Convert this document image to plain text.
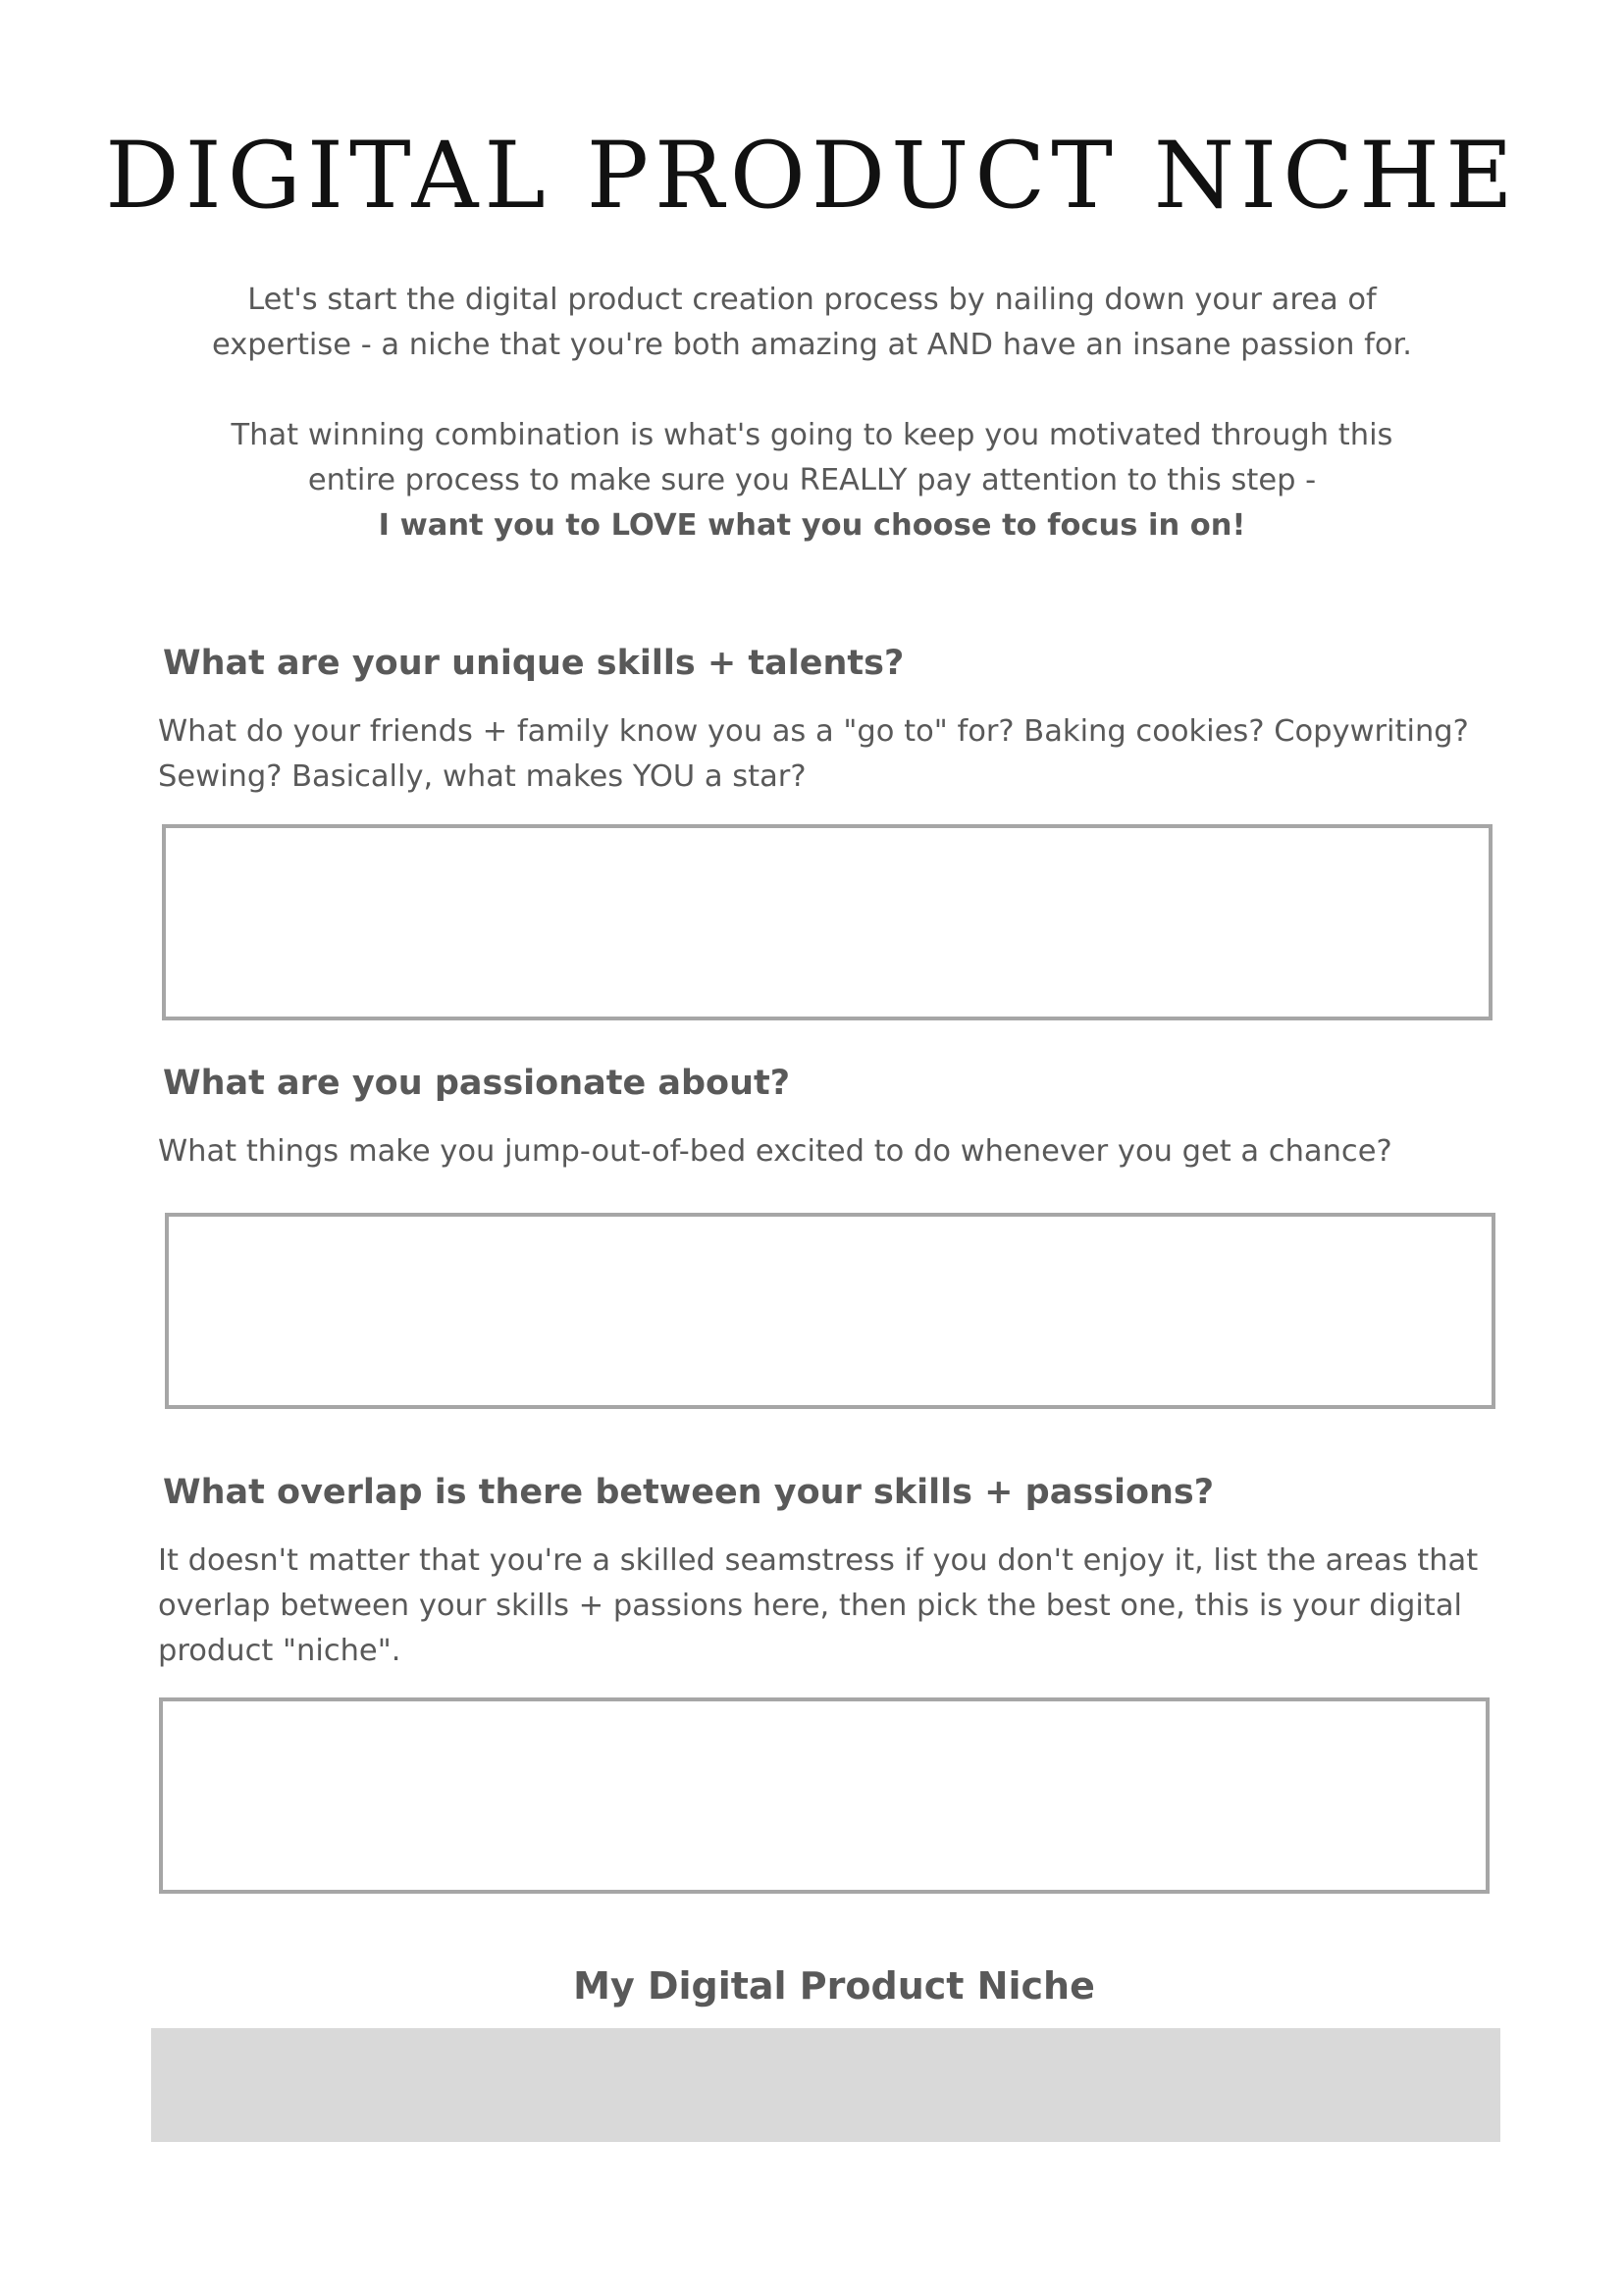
DIGITAL PRODUCT NICHE

Let's start the digital product creation process by nailing down your area of

expertise - a niche that you're both amazing at AND have an insane passion for.

That winning combination is what's going to keep you motivated through this

entire process to make sure you REALLY pay attention to this step -

I want you to LOVE what you choose to focus in on!

What are your unique skills + talents?

What do your friends + family know you as a "go to" for? Baking cookies? Copywriting? Sewing? Basically, what makes YOU a star?

What are you passionate about?

What things make you jump-out-of-bed excited to do whenever you get a chance?

What overlap is there between your skills + passions?

It doesn't matter that you're a skilled seamstress if you don't enjoy it, list the areas that overlap between your skills + passions here, then pick the best one, this is your digital product "niche".

My Digital Product Niche
